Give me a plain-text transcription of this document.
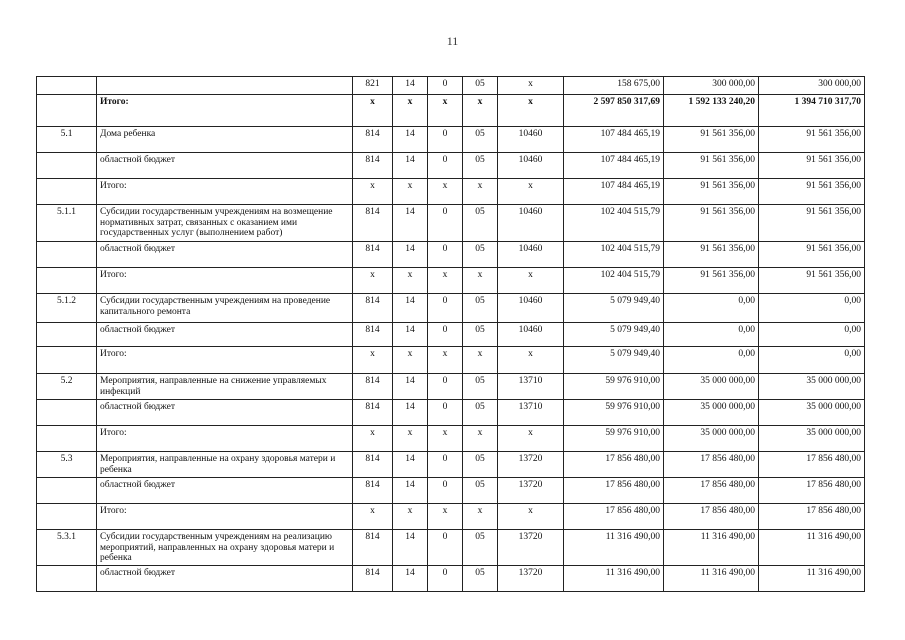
11
		821	14	0	05	х	158 675,00	300 000,00	300 000,00
	Итого:	х	х	х	х	х	2 597 850 317,69	1 592 133 240,20	1 394 710 317,70
5.1	Дома ребенка	814	14	0	05	10460	107 484 465,19	91 561 356,00	91 561 356,00
	областной бюджет	814	14	0	05	10460	107 484 465,19	91 561 356,00	91 561 356,00
	Итого:	х	х	х	х	х	107 484 465,19	91 561 356,00	91 561 356,00
5.1.1	Субсидии государственным учреждениям на возмещение нормативных затрат, связанных с оказанием ими государственных услуг (выполнением работ)	814	14	0	05	10460	102 404 515,79	91 561 356,00	91 561 356,00
	областной бюджет	814	14	0	05	10460	102 404 515,79	91 561 356,00	91 561 356,00
	Итого:	х	х	х	х	х	102 404 515,79	91 561 356,00	91 561 356,00
5.1.2	Субсидии государственным учреждениям на проведение капитального ремонта	814	14	0	05	10460	5 079 949,40	0,00	0,00
	областной бюджет	814	14	0	05	10460	5 079 949,40	0,00	0,00
	Итого:	х	х	х	х	х	5 079 949,40	0,00	0,00
5.2	Мероприятия, направленные на снижение управляемых инфекций	814	14	0	05	13710	59 976 910,00	35 000 000,00	35 000 000,00
	областной бюджет	814	14	0	05	13710	59 976 910,00	35 000 000,00	35 000 000,00
	Итого:	х	х	х	х	х	59 976 910,00	35 000 000,00	35 000 000,00
5.3	Мероприятия, направленные на охрану здоровья матери и ребенка	814	14	0	05	13720	17 856 480,00	17 856 480,00	17 856 480,00
	областной бюджет	814	14	0	05	13720	17 856 480,00	17 856 480,00	17 856 480,00
	Итого:	х	х	х	х	х	17 856 480,00	17 856 480,00	17 856 480,00
5.3.1	Субсидии государственным учреждениям на реализацию мероприятий, направленных на охрану здоровья матери и ребенка	814	14	0	05	13720	11 316 490,00	11 316 490,00	11 316 490,00
	областной бюджет	814	14	0	05	13720	11 316 490,00	11 316 490,00	11 316 490,00
